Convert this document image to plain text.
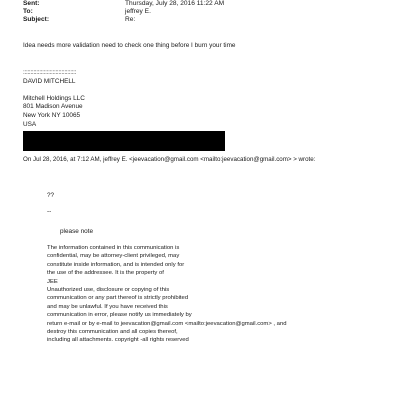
Sent:	Thursday, July 28, 2016 11:22 AM
To:	jeffrey E.
Subject:	Re:
Idea needs more validation need to check one thing before I burn your time
::::::::::::::::::::::::::::::::::::
DAVID MITCHELL
Mitchell Holdings LLC
801 Madison Avenue
New York NY 10065
USA
On Jul 28, 2016, at 7:12 AM, jeffrey E. <jeevacation@gmail.com <mailto:jeevacation@gmail.com> > wrote:
??
--
please note
The information contained in this communication is
confidential, may be attorney-client privileged, may
constitute inside information, and is intended only for
the use of the addressee. It is the property of
JEE
Unauthorized use, disclosure or copying of this
communication or any part thereof is strictly prohibited
and may be unlawful. If you have received this
communication in error, please notify us immediately by
return e-mail or by e-mail to jeevacation@gmail.com <mailto:jeevacation@gmail.com> , and
destroy this communication and all copies thereof,
including all attachments. copyright -all rights reserved
